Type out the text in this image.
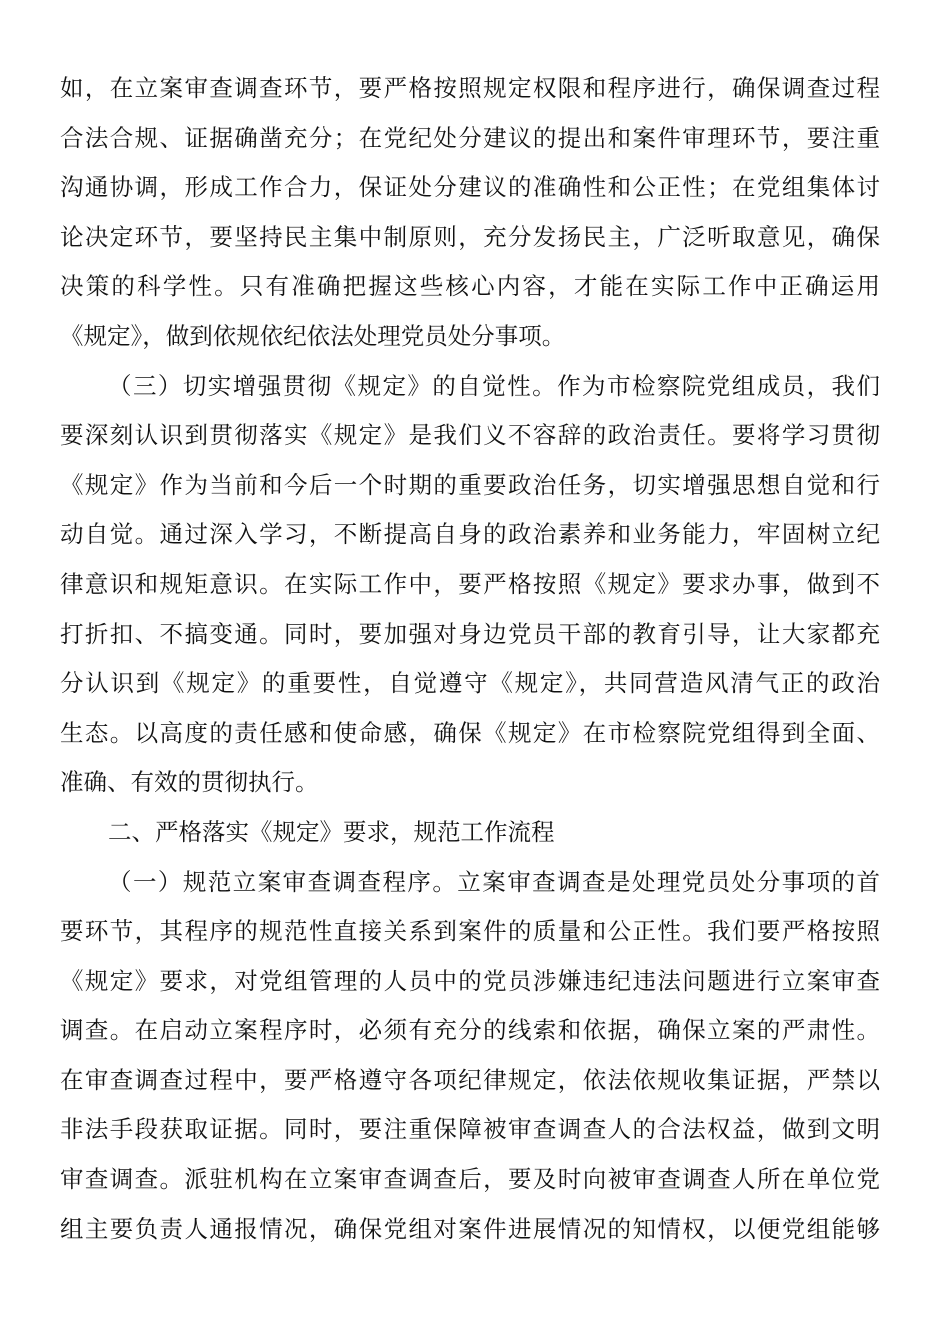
如，在立案审查调查环节，要严格按照规定权限和程序进行，确保调查过程
合法合规、证据确凿充分；在党纪处分建议的提出和案件审理环节，要注重
沟通协调，形成工作合力，保证处分建议的准确性和公正性；在党组集体讨
论决定环节，要坚持民主集中制原则，充分发扬民主，广泛听取意见，确保
决策的科学性。只有准确把握这些核心内容，才能在实际工作中正确运用
《规定》，做到依规依纪依法处理党员处分事项。
（三）切实增强贯彻《规定》的自觉性。作为市检察院党组成员，我们
要深刻认识到贯彻落实《规定》是我们义不容辞的政治责任。要将学习贯彻
《规定》作为当前和今后一个时期的重要政治任务，切实增强思想自觉和行
动自觉。通过深入学习，不断提高自身的政治素养和业务能力，牢固树立纪
律意识和规矩意识。在实际工作中，要严格按照《规定》要求办事，做到不
打折扣、不搞变通。同时，要加强对身边党员干部的教育引导，让大家都充
分认识到《规定》的重要性，自觉遵守《规定》，共同营造风清气正的政治
生态。以高度的责任感和使命感，确保《规定》在市检察院党组得到全面、
准确、有效的贯彻执行。
二、严格落实《规定》要求，规范工作流程
（一）规范立案审查调查程序。立案审查调查是处理党员处分事项的首
要环节，其程序的规范性直接关系到案件的质量和公正性。我们要严格按照
《规定》要求，对党组管理的人员中的党员涉嫌违纪违法问题进行立案审查
调查。在启动立案程序时，必须有充分的线索和依据，确保立案的严肃性。
在审查调查过程中，要严格遵守各项纪律规定，依法依规收集证据，严禁以
非法手段获取证据。同时，要注重保障被审查调查人的合法权益，做到文明
审查调查。派驻机构在立案审查调查后，要及时向被审查调查人所在单位党
组主要负责人通报情况，确保党组对案件进展情况的知情权，以便党组能够
